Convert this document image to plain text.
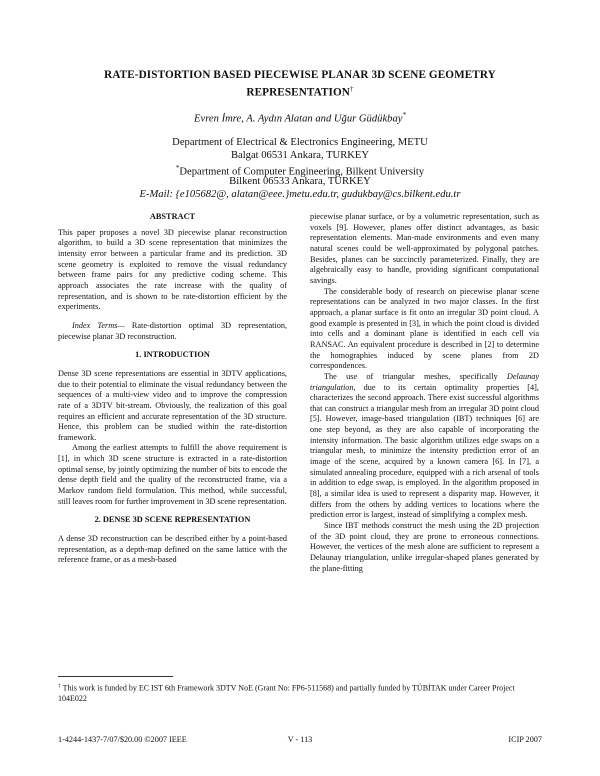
RATE-DISTORTION BASED PIECEWISE PLANAR 3D SCENE GEOMETRY
REPRESENTATION†
Evren İmre, A. Aydın Alatan and Uğur Güdükbay*
Department of Electrical & Electronics Engineering, METU
Balgat 06531 Ankara, TURKEY
*Department of Computer Engineering, Bilkent University
Bilkent 06533 Ankara, TURKEY
E-Mail: {e105682@, alatan@eee.}metu.edu.tr, gudukbay@cs.bilkent.edu.tr

ABSTRACT

This paper proposes a novel 3D piecewise planar reconstruction algorithm, to build a 3D scene representation that minimizes the intensity error between a particular frame and its prediction. 3D scene geometry is exploited to remove the visual redundancy between frame pairs for any predictive coding scheme. This approach associates the rate increase with the quality of representation, and is shown to be rate-distortion efficient by the experiments.

Index Terms— Rate-distortion optimal 3D representation, piecewise planar 3D reconstruction.

1. INTRODUCTION

Dense 3D scene representations are essential in 3DTV applications, due to their potential to eliminate the visual redundancy between the sequences of a multi-view video and to improve the compression rate of a 3DTV bit-stream. Obviously, the realization of this goal requires an efficient and accurate representation of the 3D structure. Hence, this problem can be studied within the rate-distortion framework.

Among the earliest attempts to fulfill the above requirement is [1], in which 3D scene structure is extracted in a rate-distortion optimal sense, by jointly optimizing the number of bits to encode the dense depth field and the quality of the reconstructed frame, via a Markov random field formulation. This method, while successful, still leaves room for further improvement in 3D scene representation.

2. DENSE 3D SCENE REPRESENTATION

A dense 3D reconstruction can be described either by a point-based representation, as a depth-map defined on the same lattice with the reference frame, or as a mesh-based

piecewise planar surface, or by a volumetric representation, such as voxels [9]. However, planes offer distinct advantages, as basic representation elements. Man-made environments and even many natural scenes could be well-approximated by polygonal patches. Besides, planes can be succinctly parameterized. Finally, they are algebraically easy to handle, providing significant computational savings.

The considerable body of research on piecewise planar scene representations can be analyzed in two major classes. In the first approach, a planar surface is fit onto an irregular 3D point cloud. A good example is presented in [3], in which the point cloud is divided into cells and a dominant plane is identified in each cell via RANSAC. An equivalent procedure is described in [2] to determine the homographies induced by scene planes from 2D correspondences.

The use of triangular meshes, specifically Delaunay triangulation, due to its certain optimality properties [4], characterizes the second approach. There exist successful algorithms that can construct a triangular mesh from an irregular 3D point cloud [5]. However, image-based triangulation (IBT) techniques [6] are one step beyond, as they are also capable of incorporating the intensity information. The basic algorithm utilizes edge swaps on a triangular mesh, to minimize the intensity prediction error of an image of the scene, acquired by a known camera [6]. In [7], a simulated annealing procedure, equipped with a rich arsenal of tools in addition to edge swap, is employed. In the algorithm proposed in [8], a similar idea is used to represent a disparity map. However, it differs from the others by adding vertices to locations where the prediction error is largest, instead of simplifying a complex mesh.

Since IBT methods construct the mesh using the 2D projection of the 3D point cloud, they are prone to erroneous connections. However, the vertices of the mesh alone are sufficient to represent a Delaunay triangulation, unlike irregular-shaped planes generated by the plane-fitting

† This work is funded by EC IST 6th Framework 3DTV NoE (Grant No: FP6-511568) and partially funded by TÜBİTAK under Career Project 104E022
1-4244-1437-7/07/$20.00 ©2007 IEEE	V - 113	ICIP 2007
